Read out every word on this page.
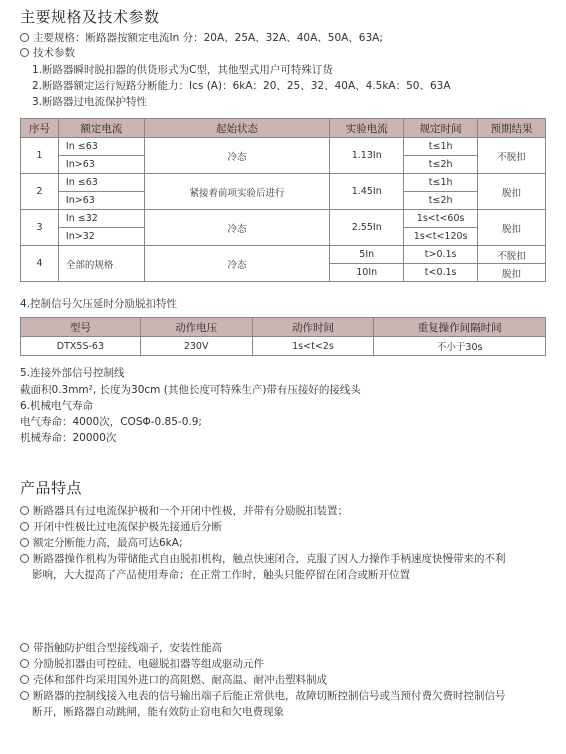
主要规格及技术参数
主要规格：断路器按额定电流In 分：20A、25A、32A、40A、50A、63A;
技术参数
1.断路器瞬时脱扣器的供货形式为C型，其他型式用户可特殊订货
2.断路器额定运行短路分断能力：Ics (A)：6kA：20、25、32、40A、4.5kA：50、63A
3.断路器过电流保护特性
序号	额定电流	起始状态	实验电流	规定时间	预期结果
1	In ≤63	冷态	1.13In	t≤1h	不脱扣
	In>63			t≤2h	
2	In ≤63	紧接着前项实验后进行	1.45In	t≤1h	脱扣
	In>63			t≤2h	
3	In ≤32	冷态	2.55In	1s<t<60s	脱扣
	In>32			1s<t<120s	
4	全部的规格	冷态	5In	t>0.1s	不脱扣
			10In	t<0.1s	脱扣
4.控制信号欠压延时分励脱扣特性
型号	动作电压	动作时间	重复操作间隔时间
DTX5S-63	230V	1s<t<2s	不小于30s
5.连接外部信号控制线
截面积0.3mm², 长度为30cm (其他长度可特殊生产)带有压接好的接线头
6.机械电气寿命
电气寿命：4000次，COSΦ-0.85-0.9;
机械寿命：20000次
产品特点
断路器具有过电流保护极和一个开闭中性极，并带有分励脱扣装置；
开闭中性极比过电流保护极先接通后分断
额定分断能力高，最高可达6kA;
断路器操作机构为带储能式自由脱扣机构，触点快速闭合，克服了因人力操作手柄速度快慢带来的不利
影响，大大提高了产品使用寿命；在正常工作时，触头只能停留在闭合或断开位置
带指触防护组合型接线端子，安装性能高
分励脱扣器由可控硅、电磁脱扣器等组成驱动元件
壳体和部件均采用国外进口的高阻燃、耐高温、耐冲击塑料制成
断路器的控制线接入电表的信号输出端子后能正常供电，故障切断控制信号或当预付费欠费时控制信号
断开，断路器自动跳闸，能有效防止窃电和欠电费现象
